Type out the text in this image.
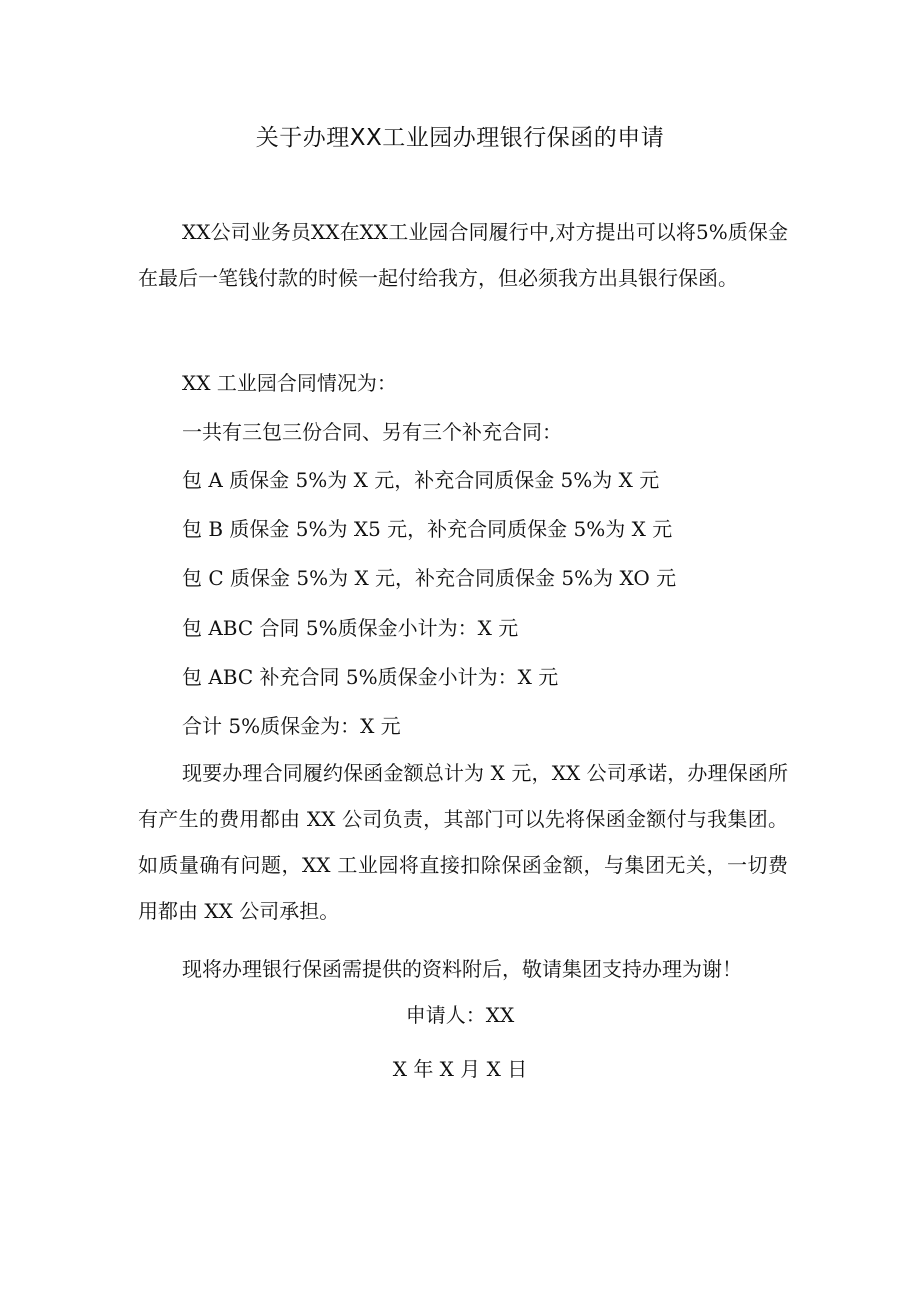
关于办理XX工业园办理银行保函的申请

XX公司业务员XX在XX工业园合同履行中,对方提出可以将5%质保金在最后一笔钱付款的时候一起付给我方，但必须我方出具银行保函。

XX 工业园合同情况为：

一共有三包三份合同、另有三个补充合同：

包 A 质保金 5%为 X 元，补充合同质保金 5%为 X 元

包 B 质保金 5%为 X5 元，补充合同质保金 5%为 X 元

包 C 质保金 5%为 X 元，补充合同质保金 5%为 XO 元

包 ABC 合同 5%质保金小计为：X 元

包 ABC 补充合同 5%质保金小计为：X 元

合计 5%质保金为：X 元

现要办理合同履约保函金额总计为 X 元，XX 公司承诺，办理保函所有产生的费用都由 XX 公司负责，其部门可以先将保函金额付与我集团。如质量确有问题，XX 工业园将直接扣除保函金额，与集团无关，一切费用都由 XX 公司承担。

现将办理银行保函需提供的资料附后，敬请集团支持办理为谢！

申请人：XX

X 年 X 月 X 日
